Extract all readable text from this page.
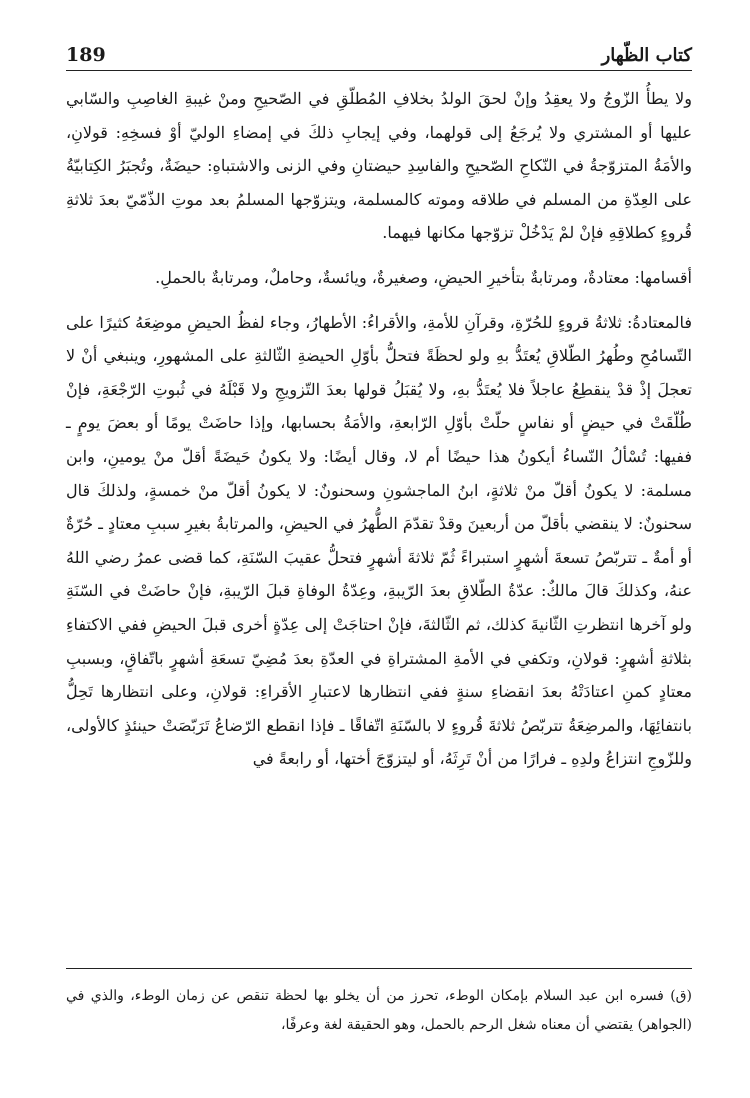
189	كتاب الظّهار

ولا يطأُ الزّوجُ ولا يعقِدُ وإنْ لحقَ الولدُ بخلافِ المُطلّقِ في الصّحيحِ ومنْ غيبةِ الغاصِبِ والسّابي عليها أو المشتري ولا يُرجَعُ إلى قولهما، وفي إيجابِ ذلكَ في إمضاءِ الوليّ أوْ فسخِهِ: قولانِ، والأمَةُ المتزوّجةُ في النّكاحِ الصّحيحِ والفاسِدِ حيضتانِ وفي الزنى والاشتباهِ: حيضَةٌ، وتُجبَرُ الكِتابيّةُ على العِدّةِ من المسلم في طلاقه وموته كالمسلمة، ويتزوّجها المسلمُ بعد موتِ الذّمّيّ بعدَ ثلاثةِ قُروءٍ كطلاقِهِ فإنْ لمْ يَدْخُلْ تزوّجها مكانها فيهما.

أقسامها: معتادةٌ، ومرتابةٌ بتأخيرِ الحيضِ، وصغيرةٌ، ويائسةٌ، وحاملٌ، ومرتابةٌ بالحملِ.

فالمعتادةُ: ثلاثةُ قروءٍ للحُرّةِ، وقرآنِ للأمةِ، والأقراءُ: الأطهارُ، وجاء لفظُ الحيضِ موضِعَهُ كثيرًا على التّسامُحِ وطُهرُ الطّلاقِ يُعتَدُّ بهِ ولو لحظَةً فتحلُّ بأوّلِ الحيضةِ الثّالثةِ على المشهورِ، وينبغي أنْ لا تعجلَ إذْ قدْ ينقطِعُ عاجلاً فلا يُعتَدُّ بهِ، ولا يُقبَلُ قولها بعدَ التّزويجِ ولا قَبْلَهُ في ثُبوتِ الرّجْعَةِ، فإنْ طُلّقَتْ في حيضٍ أو نفاسٍ حلّتْ بأوّلِ الرّابعةِ، والأمَةُ بحسابها، وإذا حاضَتْ يومًا أو بعضَ يومٍ ـ ففيها: تُسْألُ النّساءُ أيكونُ هذا حيضًا أم لا، وقال أيضًا: ولا يكونُ حَيضَةً أقلّ منْ يومينِ، وابن مسلمة: لا يكونُ أقلّ منْ ثلاثةٍ، ابنُ الماجشونِ وسحنونٌ: لا يكونُ أقلّ منْ خمسةٍ، ولذلكَ قال سحنونٌ: لا ينقضي بأقلّ من أربعينَ وقدْ تقدّمَ الطُّهرُ في الحيضِ، والمرتابةُ بغيرِ سببِ معتادٍ ـ حُرّةٌ أو أمةٌ ـ تتربّصُ تسعةَ أشهرٍ استبراءً ثُمّ ثلاثةَ أشهرٍ فتحلُّ عقيبَ السّنَةِ، كما قضى عمرُ رضي اللهُ عنهُ، وكذلكَ قالَ مالكٌ: عدّةُ الطّلاقِ بعدَ الرّيبةِ، وعِدّةُ الوفاةِ قبلَ الرّيبةِ، فإنْ حاضَتْ في السّنَةِ ولو آخرها انتظرتِ الثّانيةَ كذلك، ثم الثّالثةَ، فإنْ احتاجَتْ إلى عِدّةٍ أخرى قبلَ الحيضِ ففي الاكتفاءِ بثلاثةِ أشهرٍ: قولانِ، وتكفي في الأمةِ المشتراةِ في العدّةِ بعدَ مُضِيّ تسعَةِ أشهرٍ باتّفاقٍ، وبسببِ معتادٍ كمنِ اعتادَتْهُ بعدَ انقضاءِ سنةٍ ففي انتظارها لاعتبارِ الأقراءِ: قولانِ، وعلى انتظارها تَحِلُّ بانتفائِهَا، والمرضِعَةُ تتربّصُ ثلاثةَ قُروءٍ لا بالسّنَةِ اتّفاقًا ـ فإذا انقطع الرّضاعُ تَرَبّصَتْ حينئذٍ كالأولى، وللزّوجِ انتزاعُ ولدِهِ ـ فرارًا من أنْ تَرِثَهُ، أو ليتزوّجَ أختها، أو رابعةً في

(ق) فسره ابن عبد السلام بإمكان الوطء، تحرز من أن يخلو بها لحظة تنقص عن زمان الوطء، والذي في (الجواهر) يقتضي أن معناه شغل الرحم بالحمل، وهو الحقيقة لغة وعرفًا،
